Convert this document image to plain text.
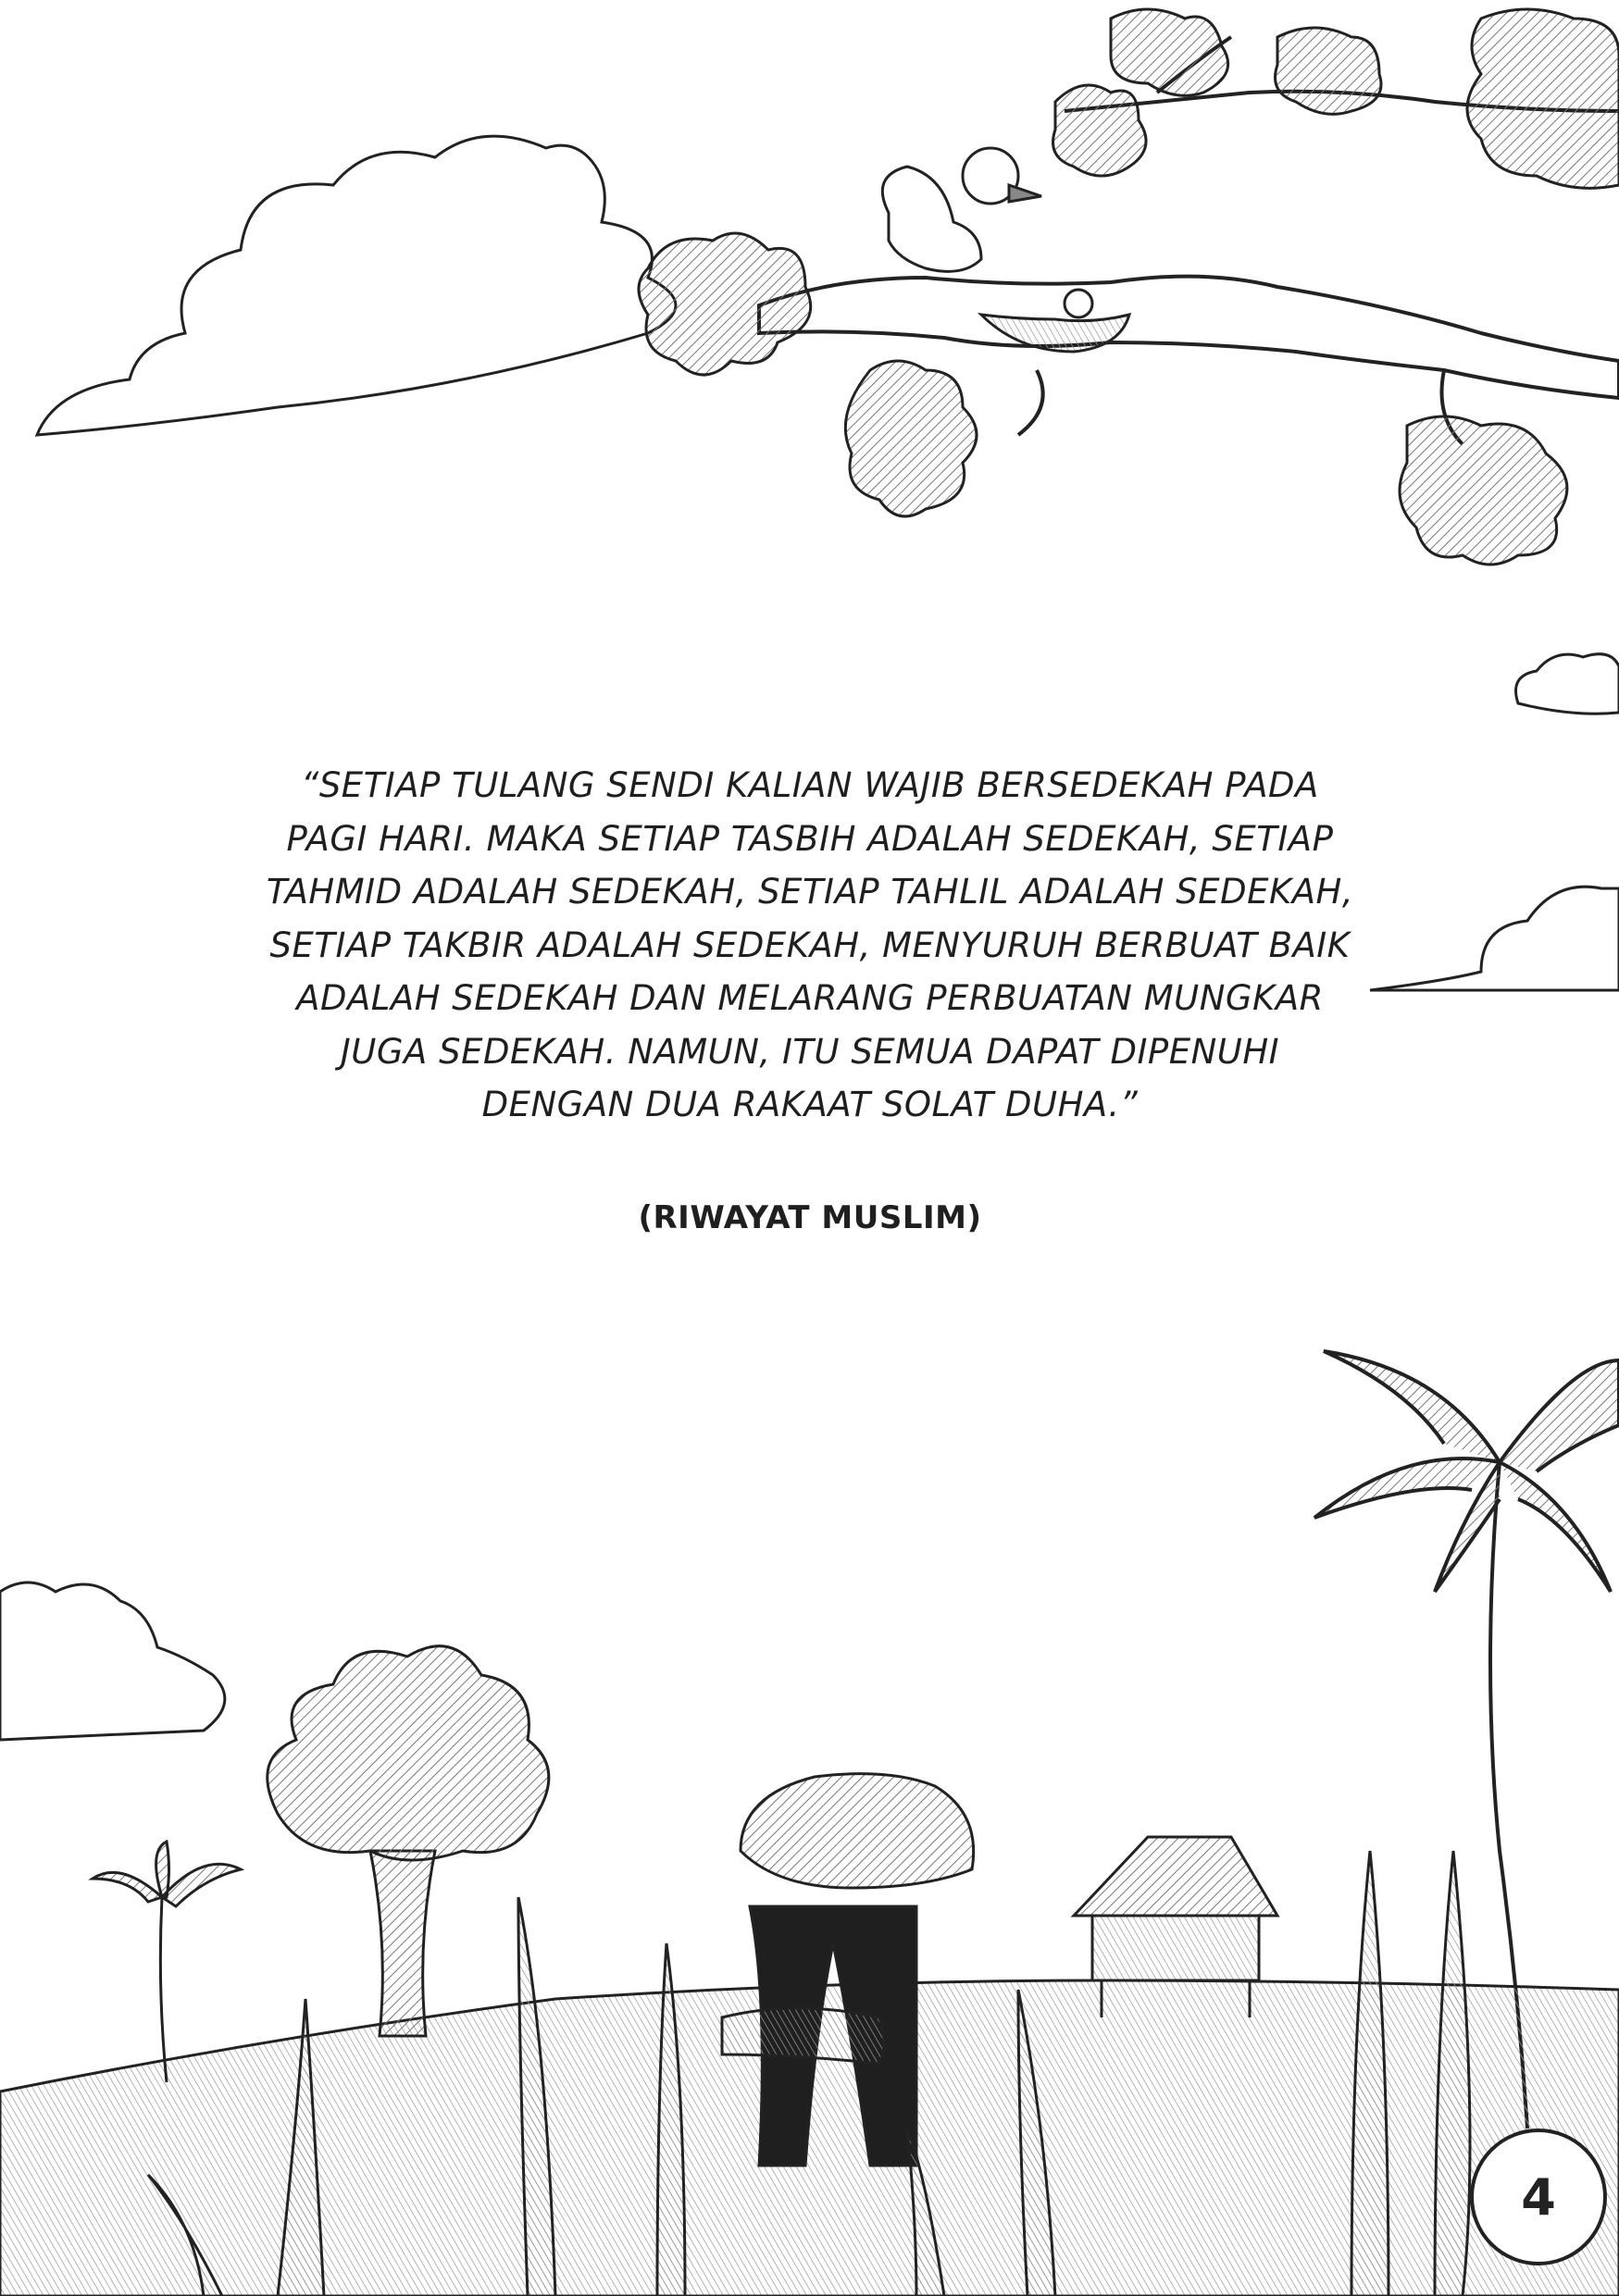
“SETIAP TULANG SENDI KALIAN WAJIB BERSEDEKAH PADA
PAGI HARI. MAKA SETIAP TASBIH ADALAH SEDEKAH, SETIAP
TAHMID ADALAH SEDEKAH, SETIAP TAHLIL ADALAH SEDEKAH,
SETIAP TAKBIR ADALAH SEDEKAH, MENYURUH BERBUAT BAIK
ADALAH SEDEKAH DAN MELARANG PERBUATAN MUNGKAR
JUGA SEDEKAH. NAMUN, ITU SEMUA DAPAT DIPENUHI
DENGAN DUA RAKAAT SOLAT DUHA.”
(RIWAYAT MUSLIM)
4
